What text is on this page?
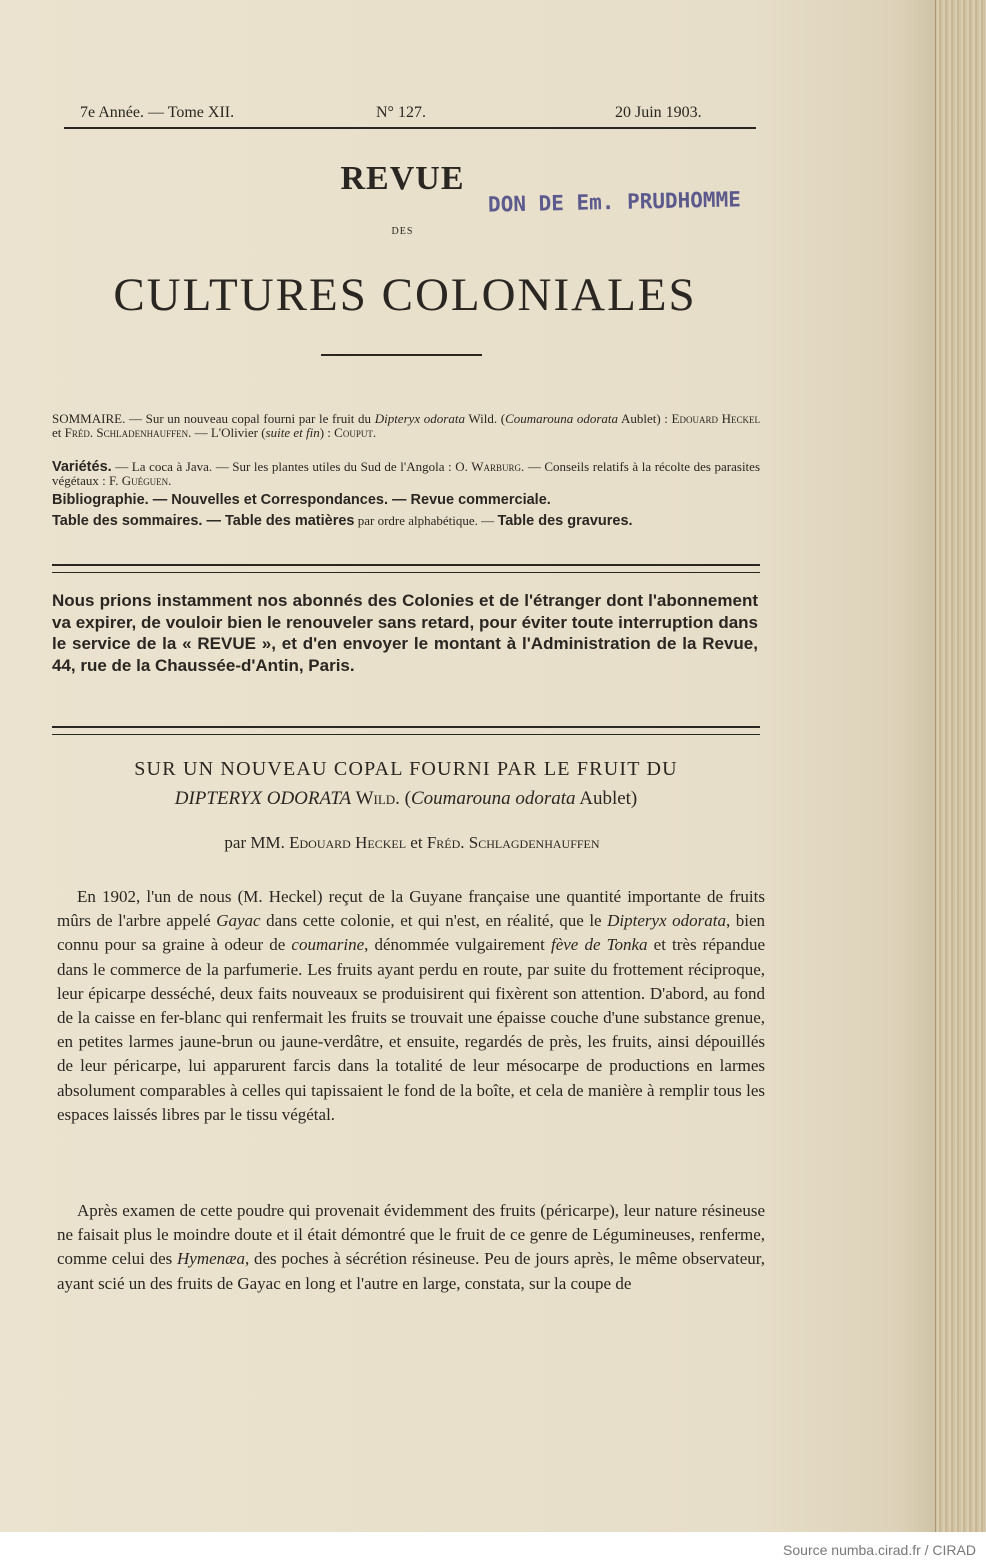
7e Année. — Tome XII.	N° 127.	20 Juin 1903.
REVUE
DES
CULTURES COLONIALES
DON DE Em. PRUDHOMME
SOMMAIRE. — Sur un nouveau copal fourni par le fruit du Dipteryx odorata Wild. (Coumarouna odorata Aublet) : Edouard Heckel et Fréd. Schladenhauffen. — L'Olivier (suite et fin) : Couput.
Variétés. — La coca à Java. — Sur les plantes utiles du Sud de l'Angola : O. Warburg. — Conseils relatifs à la récolte des parasites végétaux : F. Guéguen.
Bibliographie. — Nouvelles et Correspondances. — Revue commerciale.
Table des sommaires. — Table des matières par ordre alphabétique. — Table des gravures.

Nous prions instamment nos abonnés des Colonies et de l'étranger dont l'abonnement va expirer, de vouloir bien le renouveler sans retard, pour éviter toute interruption dans le service de la « REVUE », et d'en envoyer le montant à l'Administration de la Revue, 44, rue de la Chaussée-d'Antin, Paris.

SUR UN NOUVEAU COPAL FOURNI PAR LE FRUIT DU
DIPTERYX ODORATA Wild. (Coumarouna odorata Aublet)
par MM. Edouard Heckel et Fréd. Schlagdenhauffen

En 1902, l'un de nous (M. Heckel) reçut de la Guyane française une quantité importante de fruits mûrs de l'arbre appelé Gayac dans cette colonie, et qui n'est, en réalité, que le Dipteryx odorata, bien connu pour sa graine à odeur de coumarine, dénommée vulgairement fève de Tonka et très répandue dans le commerce de la parfumerie. Les fruits ayant perdu en route, par suite du frottement réciproque, leur épicarpe desséché, deux faits nouveaux se produisirent qui fixèrent son attention. D'abord, au fond de la caisse en fer-blanc qui renfermait les fruits se trouvait une épaisse couche d'une substance grenue, en petites larmes jaune-brun ou jaune-verdâtre, et ensuite, regardés de près, les fruits, ainsi dépouillés de leur péricarpe, lui apparurent farcis dans la totalité de leur mésocarpe de productions en larmes absolument comparables à celles qui tapissaient le fond de la boîte, et cela de manière à remplir tous les espaces laissés libres par le tissu végétal.

Après examen de cette poudre qui provenait évidemment des fruits (péricarpe), leur nature résineuse ne faisait plus le moindre doute et il était démontré que le fruit de ce genre de Légumineuses, renferme, comme celui des Hymenæa, des poches à sécrétion résineuse. Peu de jours après, le même observateur, ayant scié un des fruits de Gayac en long et l'autre en large, constata, sur la coupe de

Source numba.cirad.fr / CIRAD
